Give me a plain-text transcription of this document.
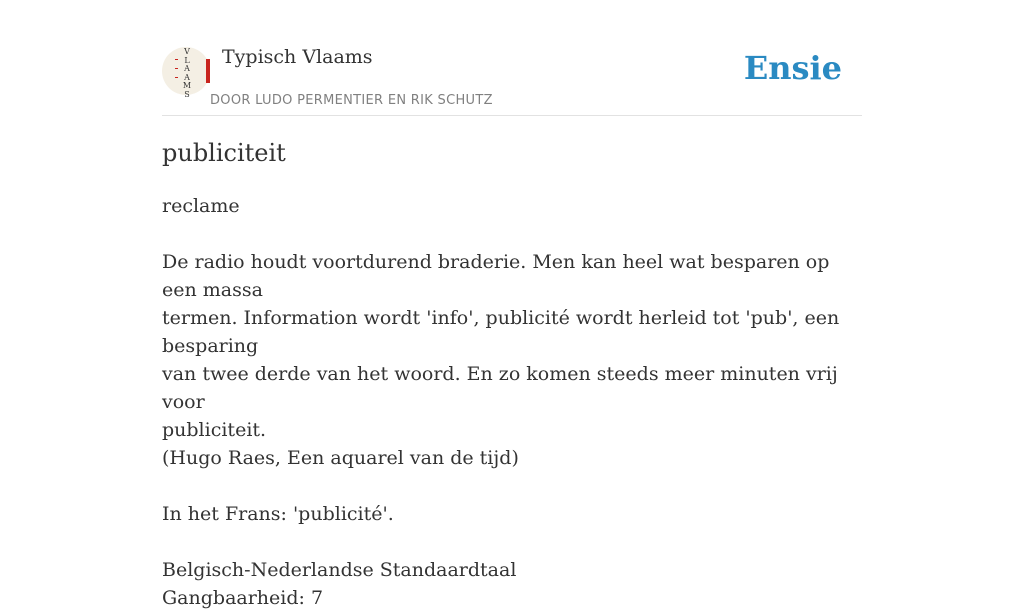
V
L
A
A
M
S
Typisch Vlaams
DOOR LUDO PERMENTIER EN RIK SCHUTZ
Ensie
publiciteit

reclame

De radio houdt voortdurend braderie. Men kan heel wat besparen op een massa

termen. Information wordt 'info', publicité wordt herleid tot 'pub', een besparing

van twee derde van het woord. En zo komen steeds meer minuten vrij voor

publiciteit.

(Hugo Raes, Een aquarel van de tijd)

In het Frans: 'publicité'.

Belgisch-Nederlandse Standaardtaal

Gangbaarheid: 7
